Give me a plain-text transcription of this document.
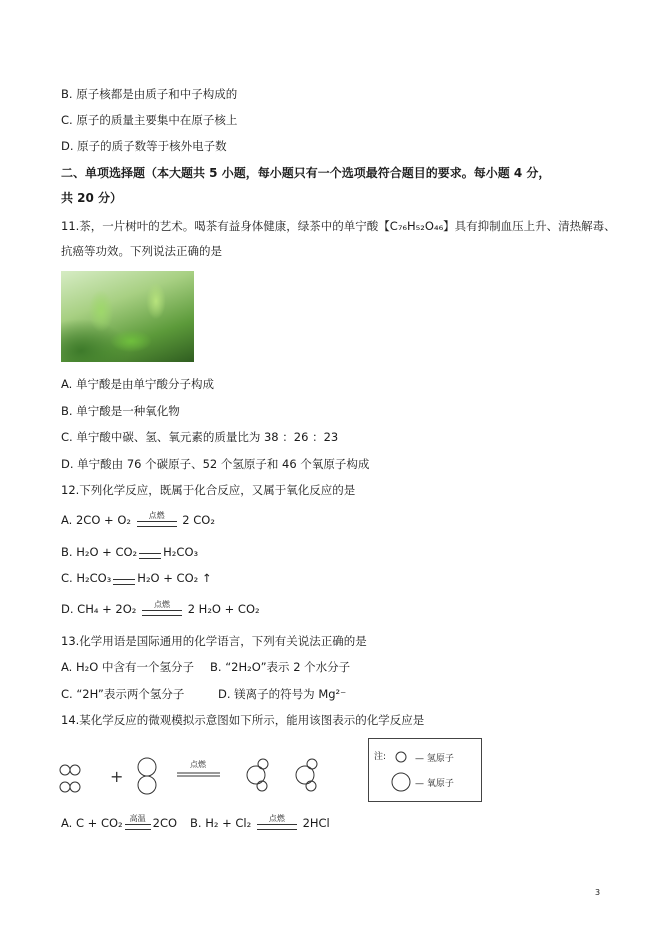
B. 原子核都是由质子和中子构成的
C. 原子的质量主要集中在原子核上
D. 原子的质子数等于核外电子数
二、单项选择题（本大题共 5 小题，每小题只有一个选项最符合题目的要求。每小题 4 分，
共 20 分）
11.茶，一片树叶的艺术。喝茶有益身体健康，绿茶中的单宁酸【C₇₆H₅₂O₄₆】具有抑制血压上升、清热解毒、
抗癌等功效。下列说法正确的是
A. 单宁酸是由单宁酸分子构成
B. 单宁酸是一种氧化物
C. 单宁酸中碳、氢、氧元素的质量比为 38 ：26 ：23
D. 单宁酸由 76 个碳原子、52 个氢原子和 46 个氧原子构成
12.下列化学反应，既属于化合反应，又属于氧化反应的是
A. 2CO + O₂	点燃	2 CO₂
B. H₂O + CO₂ H₂CO₃
C. H₂CO₃ H₂O + CO₂ ↑
D. CH₄ + 2O₂	点燃	2 H₂O + CO₂
13.化学用语是国际通用的化学语言，下列有关说法正确的是
A. H₂O 中含有一个氢分子 B. “2H₂O”表示 2 个水分子
C. “2H”表示两个氢分子	D. 镁离子的符号为 Mg²⁻
14.某化学反应的微观模拟示意图如下所示，能用该图表示的化学反应是
+
点燃
注:	— 氢原子
— 氧原子
A. C + CO₂ 高温 2CO B. H₂ + Cl₂	点燃	2HCl
3
